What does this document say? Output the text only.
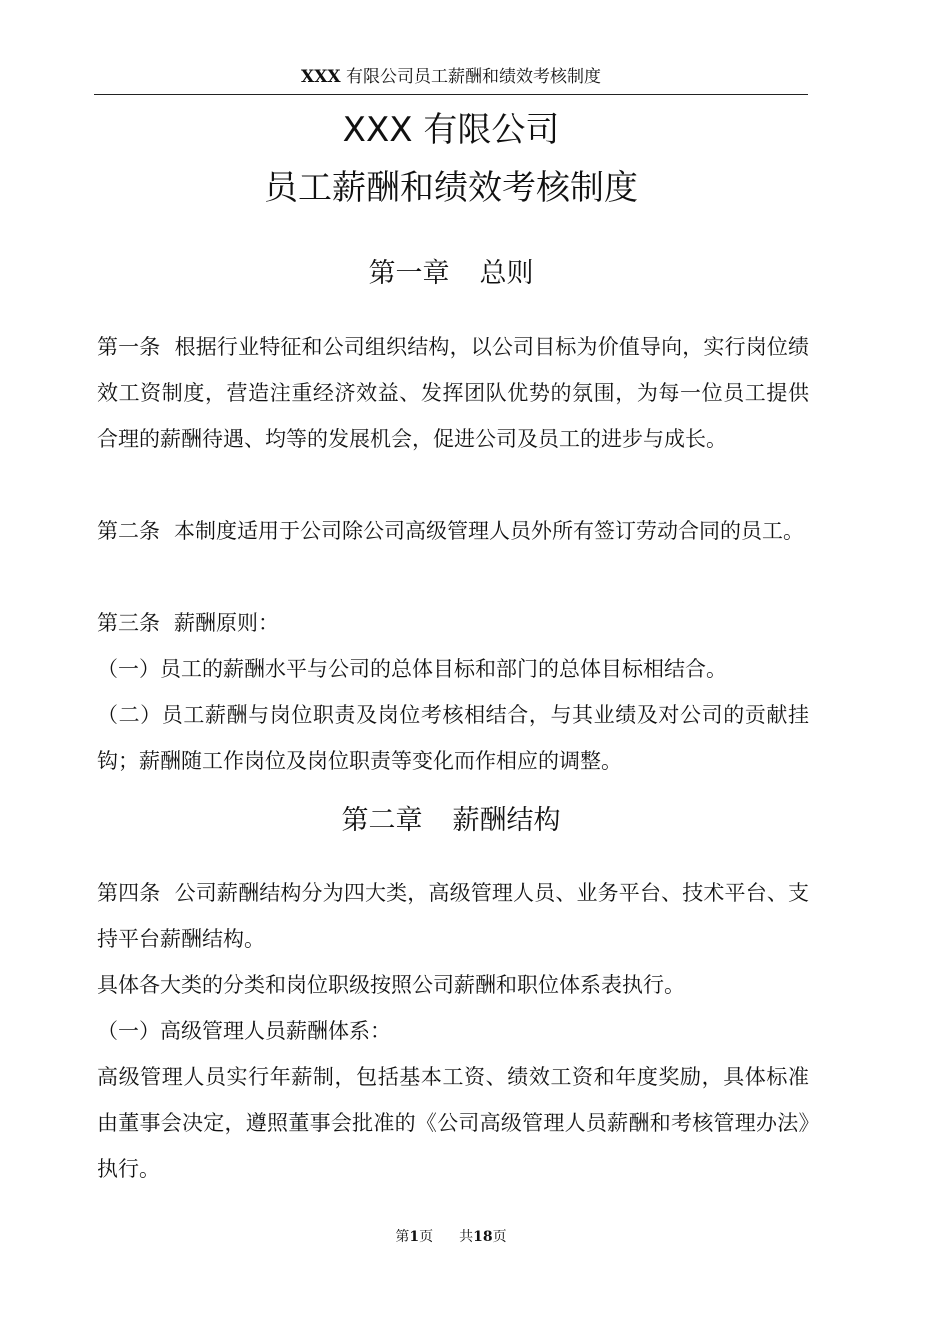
XXX 有限公司员工薪酬和绩效考核制度
XXX 有限公司
员工薪酬和绩效考核制度
第一章 总则
第一条 根据行业特征和公司组织结构，以公司目标为价值导向，实行岗位绩效工资制度，营造注重经济效益、发挥团队优势的氛围，为每一位员工提供合理的薪酬待遇、均等的发展机会，促进公司及员工的进步与成长。
第二条 本制度适用于公司除公司高级管理人员外所有签订劳动合同的员工。
第三条 薪酬原则：
（一）员工的薪酬水平与公司的总体目标和部门的总体目标相结合。
（二）员工薪酬与岗位职责及岗位考核相结合，与其业绩及对公司的贡献挂钩；薪酬随工作岗位及岗位职责等变化而作相应的调整。
第二章 薪酬结构
第四条 公司薪酬结构分为四大类，高级管理人员、业务平台、技术平台、支持平台薪酬结构。
具体各大类的分类和岗位职级按照公司薪酬和职位体系表执行。
（一）高级管理人员薪酬体系：
高级管理人员实行年薪制，包括基本工资、绩效工资和年度奖励，具体标准由董事会决定，遵照董事会批准的《公司高级管理人员薪酬和考核管理办法》执行。
第1页 共18页
